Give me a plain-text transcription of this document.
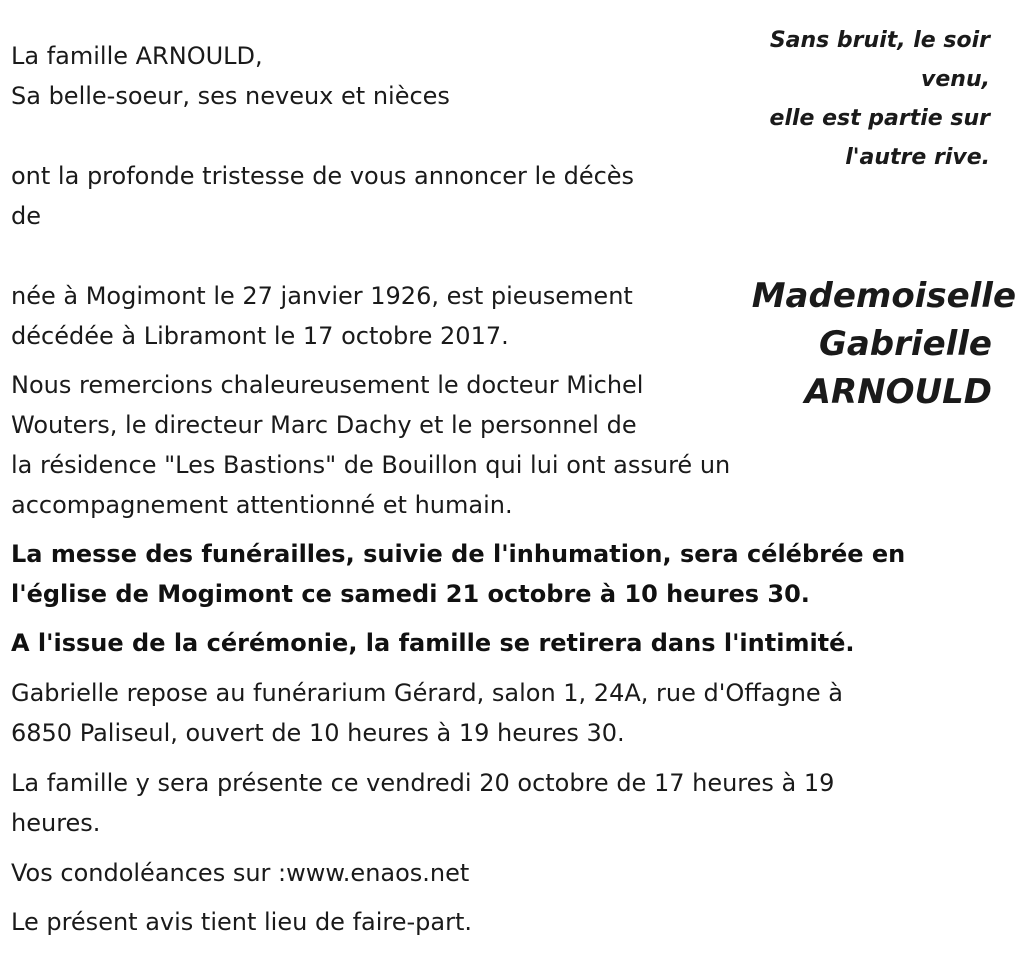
La famille ARNOULD,
Sa belle-soeur, ses neveux et nièces
ont la profonde tristesse de vous annoncer le décès
de
Sans bruit, le soir
venu,
elle est partie sur
l'autre rive.
Mademoiselle
Gabrielle
ARNOULD
née à Mogimont le 27 janvier 1926, est pieusement
décédée à Libramont le 17 octobre 2017.
Nous remercions chaleureusement le docteur Michel
Wouters, le directeur Marc Dachy et le personnel de
la résidence "Les Bastions" de Bouillon qui lui ont assuré un
accompagnement attentionné et humain.
La messe des funérailles, suivie de l'inhumation, sera célébrée en
l'église de Mogimont ce samedi 21 octobre à 10 heures 30.
A l'issue de la cérémonie, la famille se retirera dans l'intimité.
Gabrielle repose au funérarium Gérard, salon 1, 24A, rue d'Offagne à
6850 Paliseul, ouvert de 10 heures à 19 heures 30.
La famille y sera présente ce vendredi 20 octobre de 17 heures à 19
heures.
Vos condoléances sur :www.enaos.net
Le présent avis tient lieu de faire-part.
